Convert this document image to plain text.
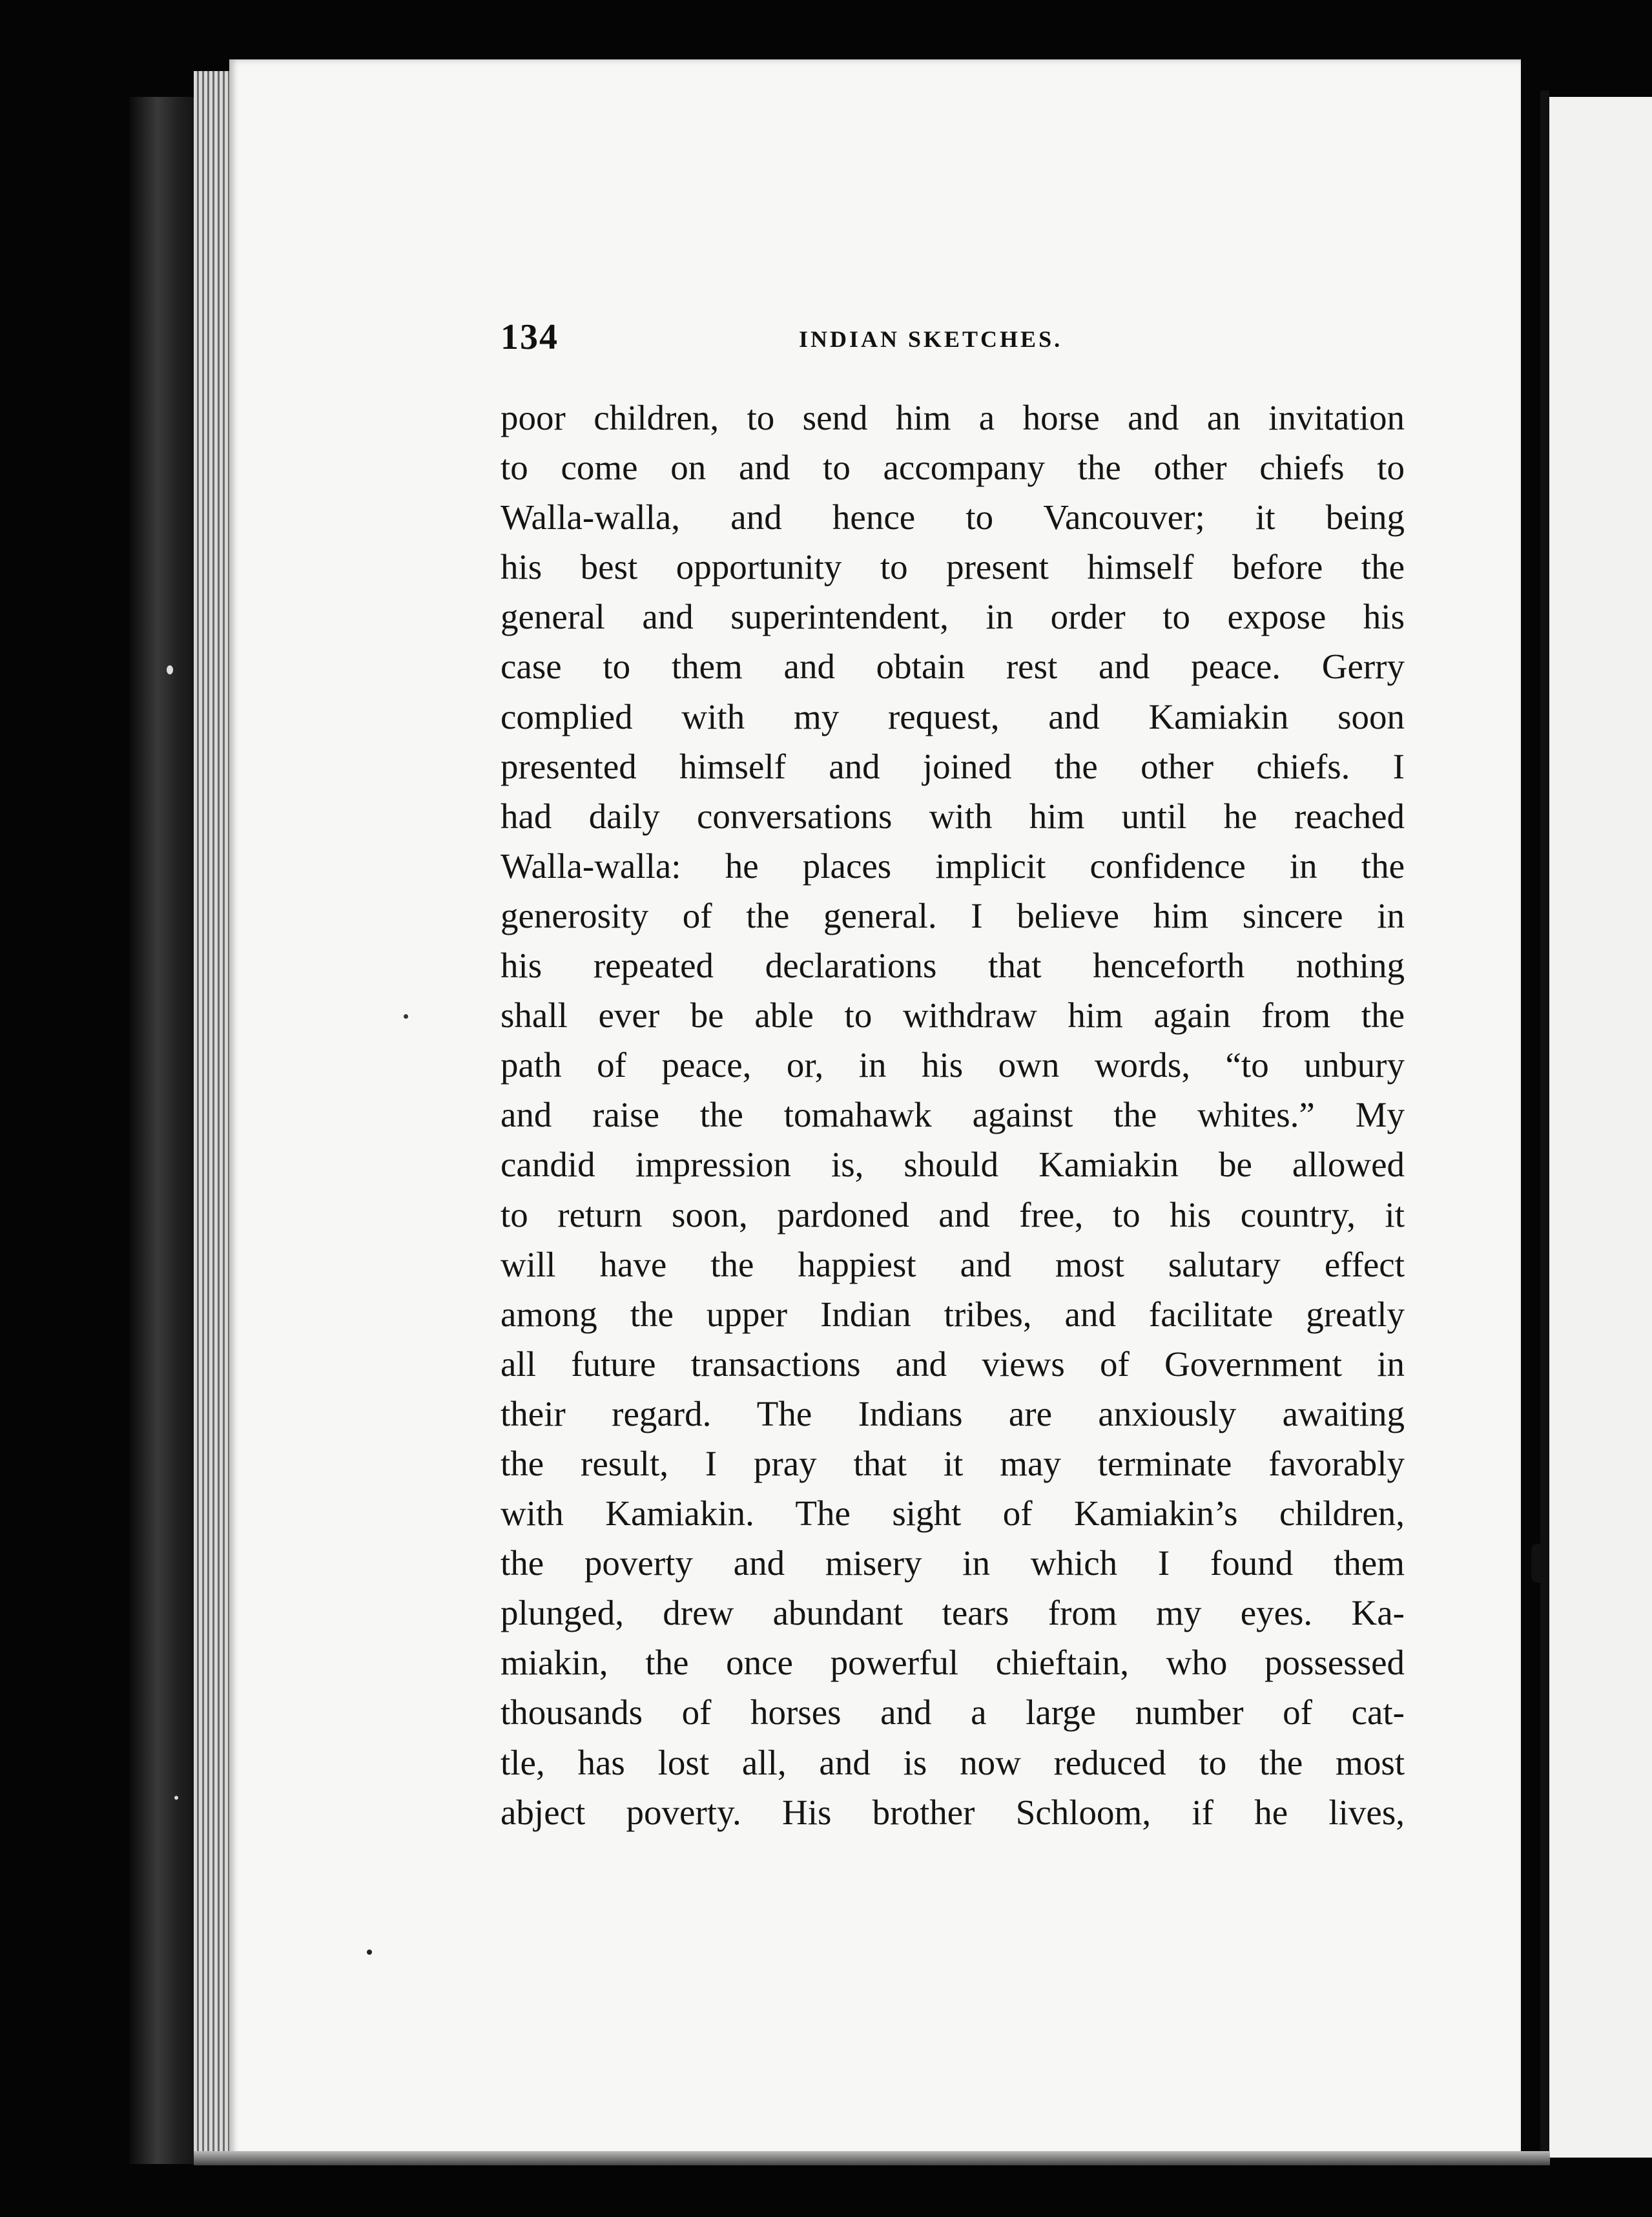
134	INDIAN SKETCHES.
poor children, to send him a horse and an invitation
to come on and to accompany the other chiefs to
Walla-walla, and hence to Vancouver; it being
his best opportunity to present himself before the
general and superintendent, in order to expose his
case to them and obtain rest and peace. Gerry
complied with my request, and Kamiakin soon
presented himself and joined the other chiefs. I
had daily conversations with him until he reached
Walla-walla: he places implicit confidence in the
generosity of the general. I believe him sincere in
his repeated declarations that henceforth nothing
shall ever be able to withdraw him again from the
path of peace, or, in his own words, “to unbury
and raise the tomahawk against the whites.” My
candid impression is, should Kamiakin be allowed
to return soon, pardoned and free, to his country, it
will have the happiest and most salutary effect
among the upper Indian tribes, and facilitate greatly
all future transactions and views of Government in
their regard. The Indians are anxiously awaiting
the result, I pray that it may terminate favorably
with Kamiakin. The sight of Kamiakin’s children,
the poverty and misery in which I found them
plunged, drew abundant tears from my eyes. Ka-
miakin, the once powerful chieftain, who possessed
thousands of horses and a large number of cat-
tle, has lost all, and is now reduced to the most
abject poverty. His brother Schloom, if he lives,
